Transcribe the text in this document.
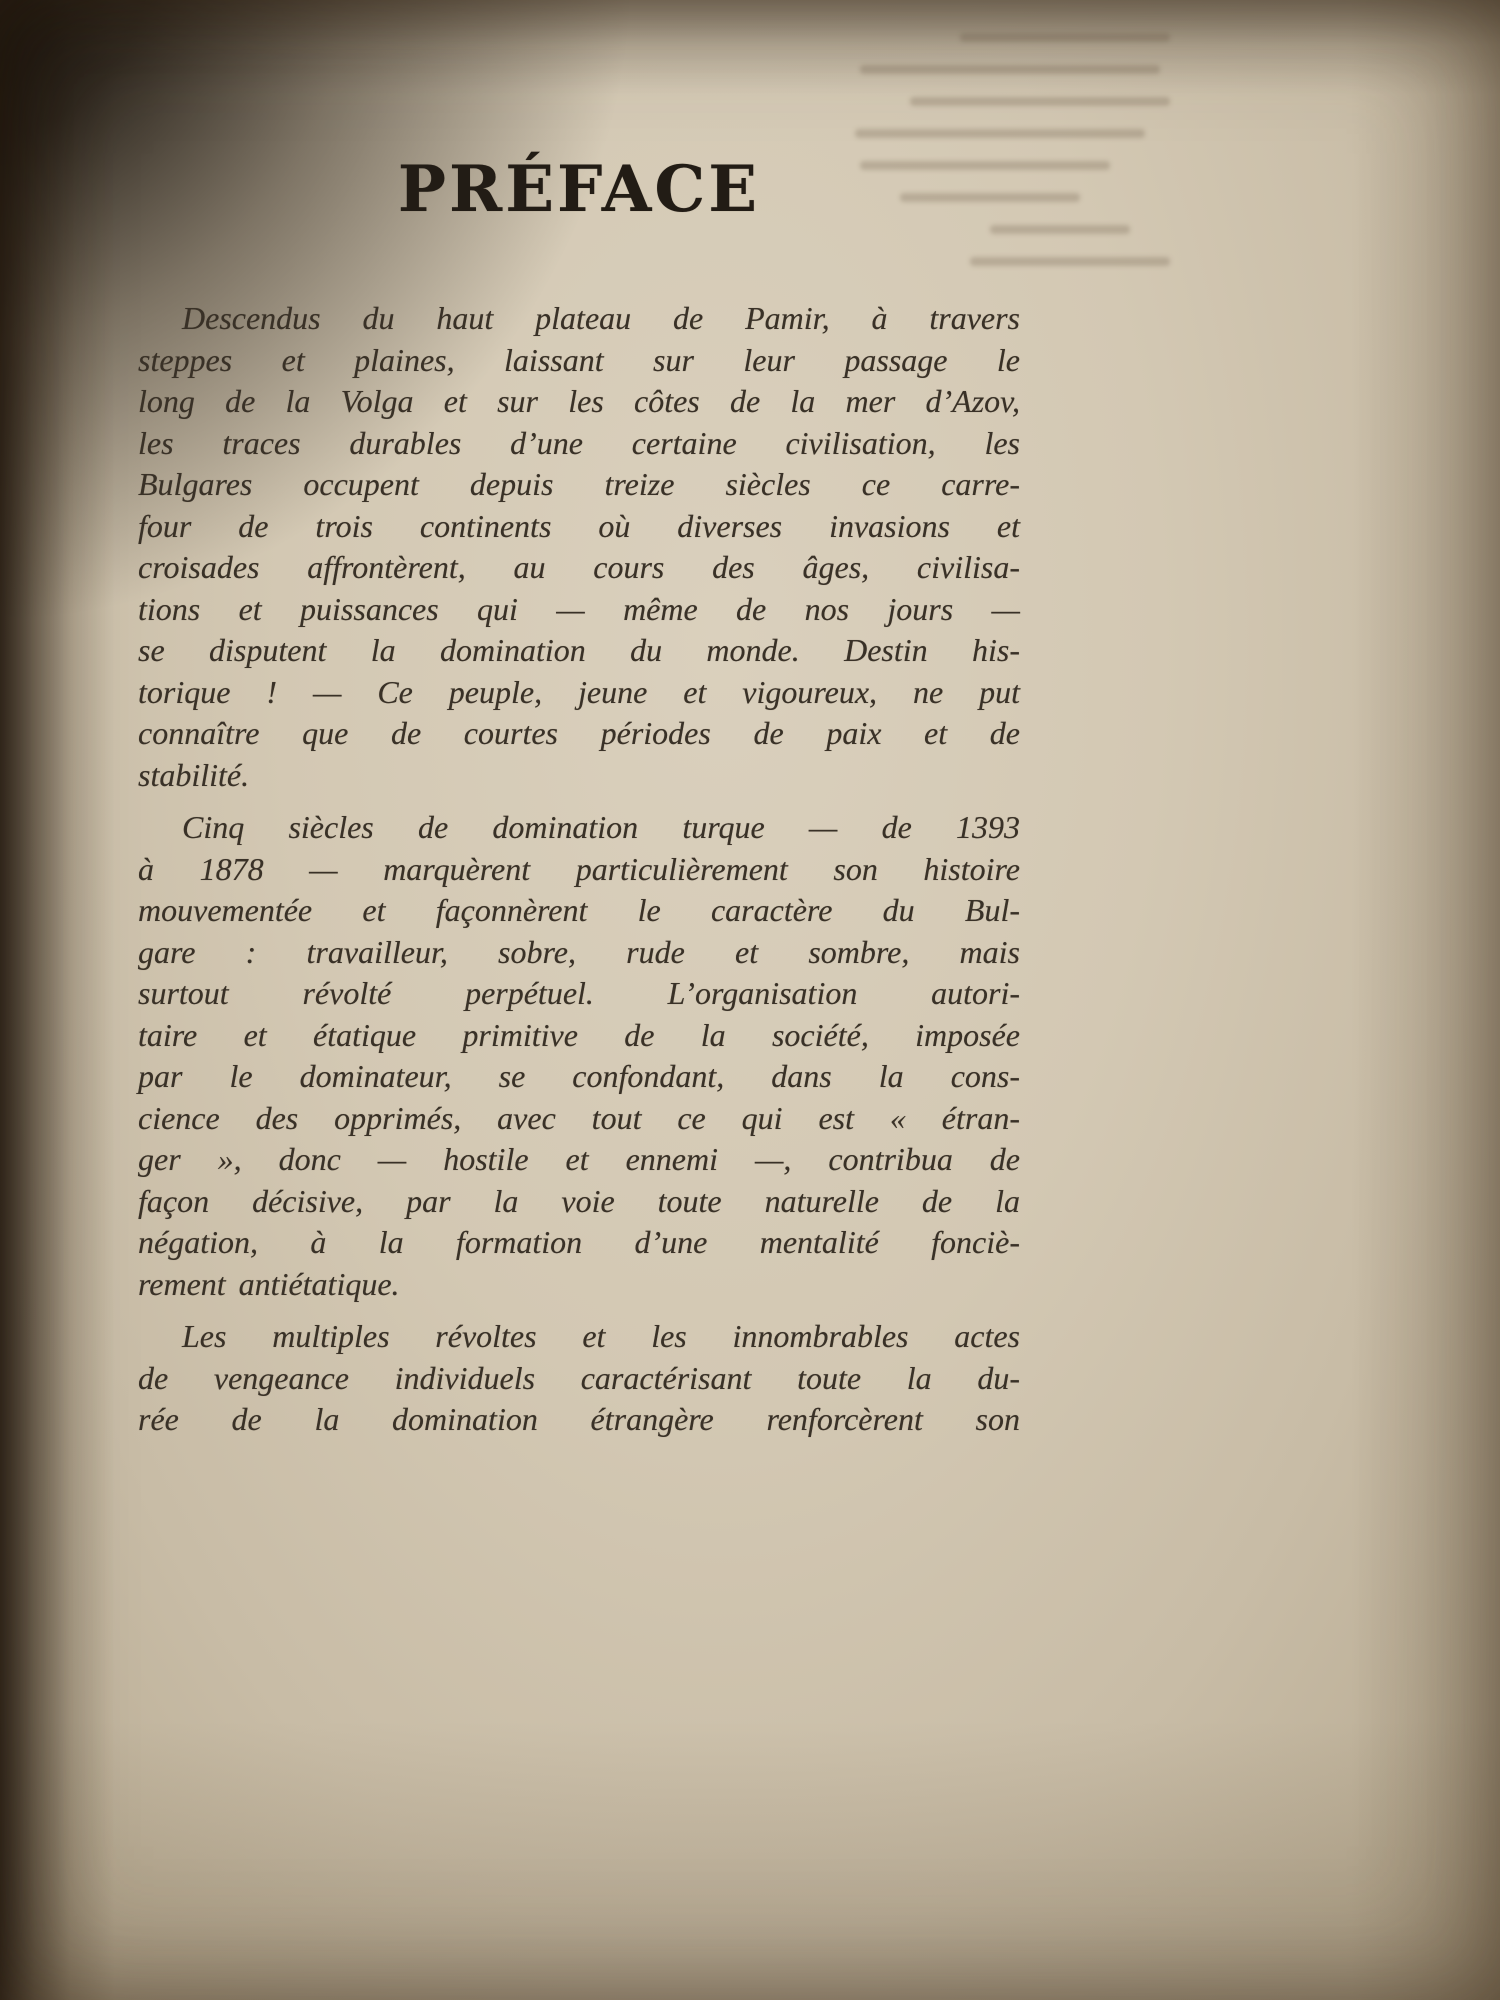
PRÉFACE
Descendus du haut plateau de Pamir, à travers
steppes et plaines, laissant sur leur passage le
long de la Volga et sur les côtes de la mer d’Azov,
les traces durables d’une certaine civilisation, les
Bulgares occupent depuis treize siècles ce carre-
four de trois continents où diverses invasions et
croisades affrontèrent, au cours des âges, civilisa-
tions et puissances qui — même de nos jours —
se disputent la domination du monde. Destin his-
torique ! — Ce peuple, jeune et vigoureux, ne put
connaître que de courtes périodes de paix et de
stabilité.
Cinq siècles de domination turque — de 1393
à 1878 — marquèrent particulièrement son histoire
mouvementée et façonnèrent le caractère du Bul-
gare : travailleur, sobre, rude et sombre, mais
surtout révolté perpétuel. L’organisation autori-
taire et étatique primitive de la société, imposée
par le dominateur, se confondant, dans la cons-
cience des opprimés, avec tout ce qui est « étran-
ger », donc — hostile et ennemi —, contribua de
façon décisive, par la voie toute naturelle de la
négation, à la formation d’une mentalité fonciè-
rement antiétatique.
Les multiples révoltes et les innombrables actes
de vengeance individuels caractérisant toute la du-
rée de la domination étrangère renforcèrent son
